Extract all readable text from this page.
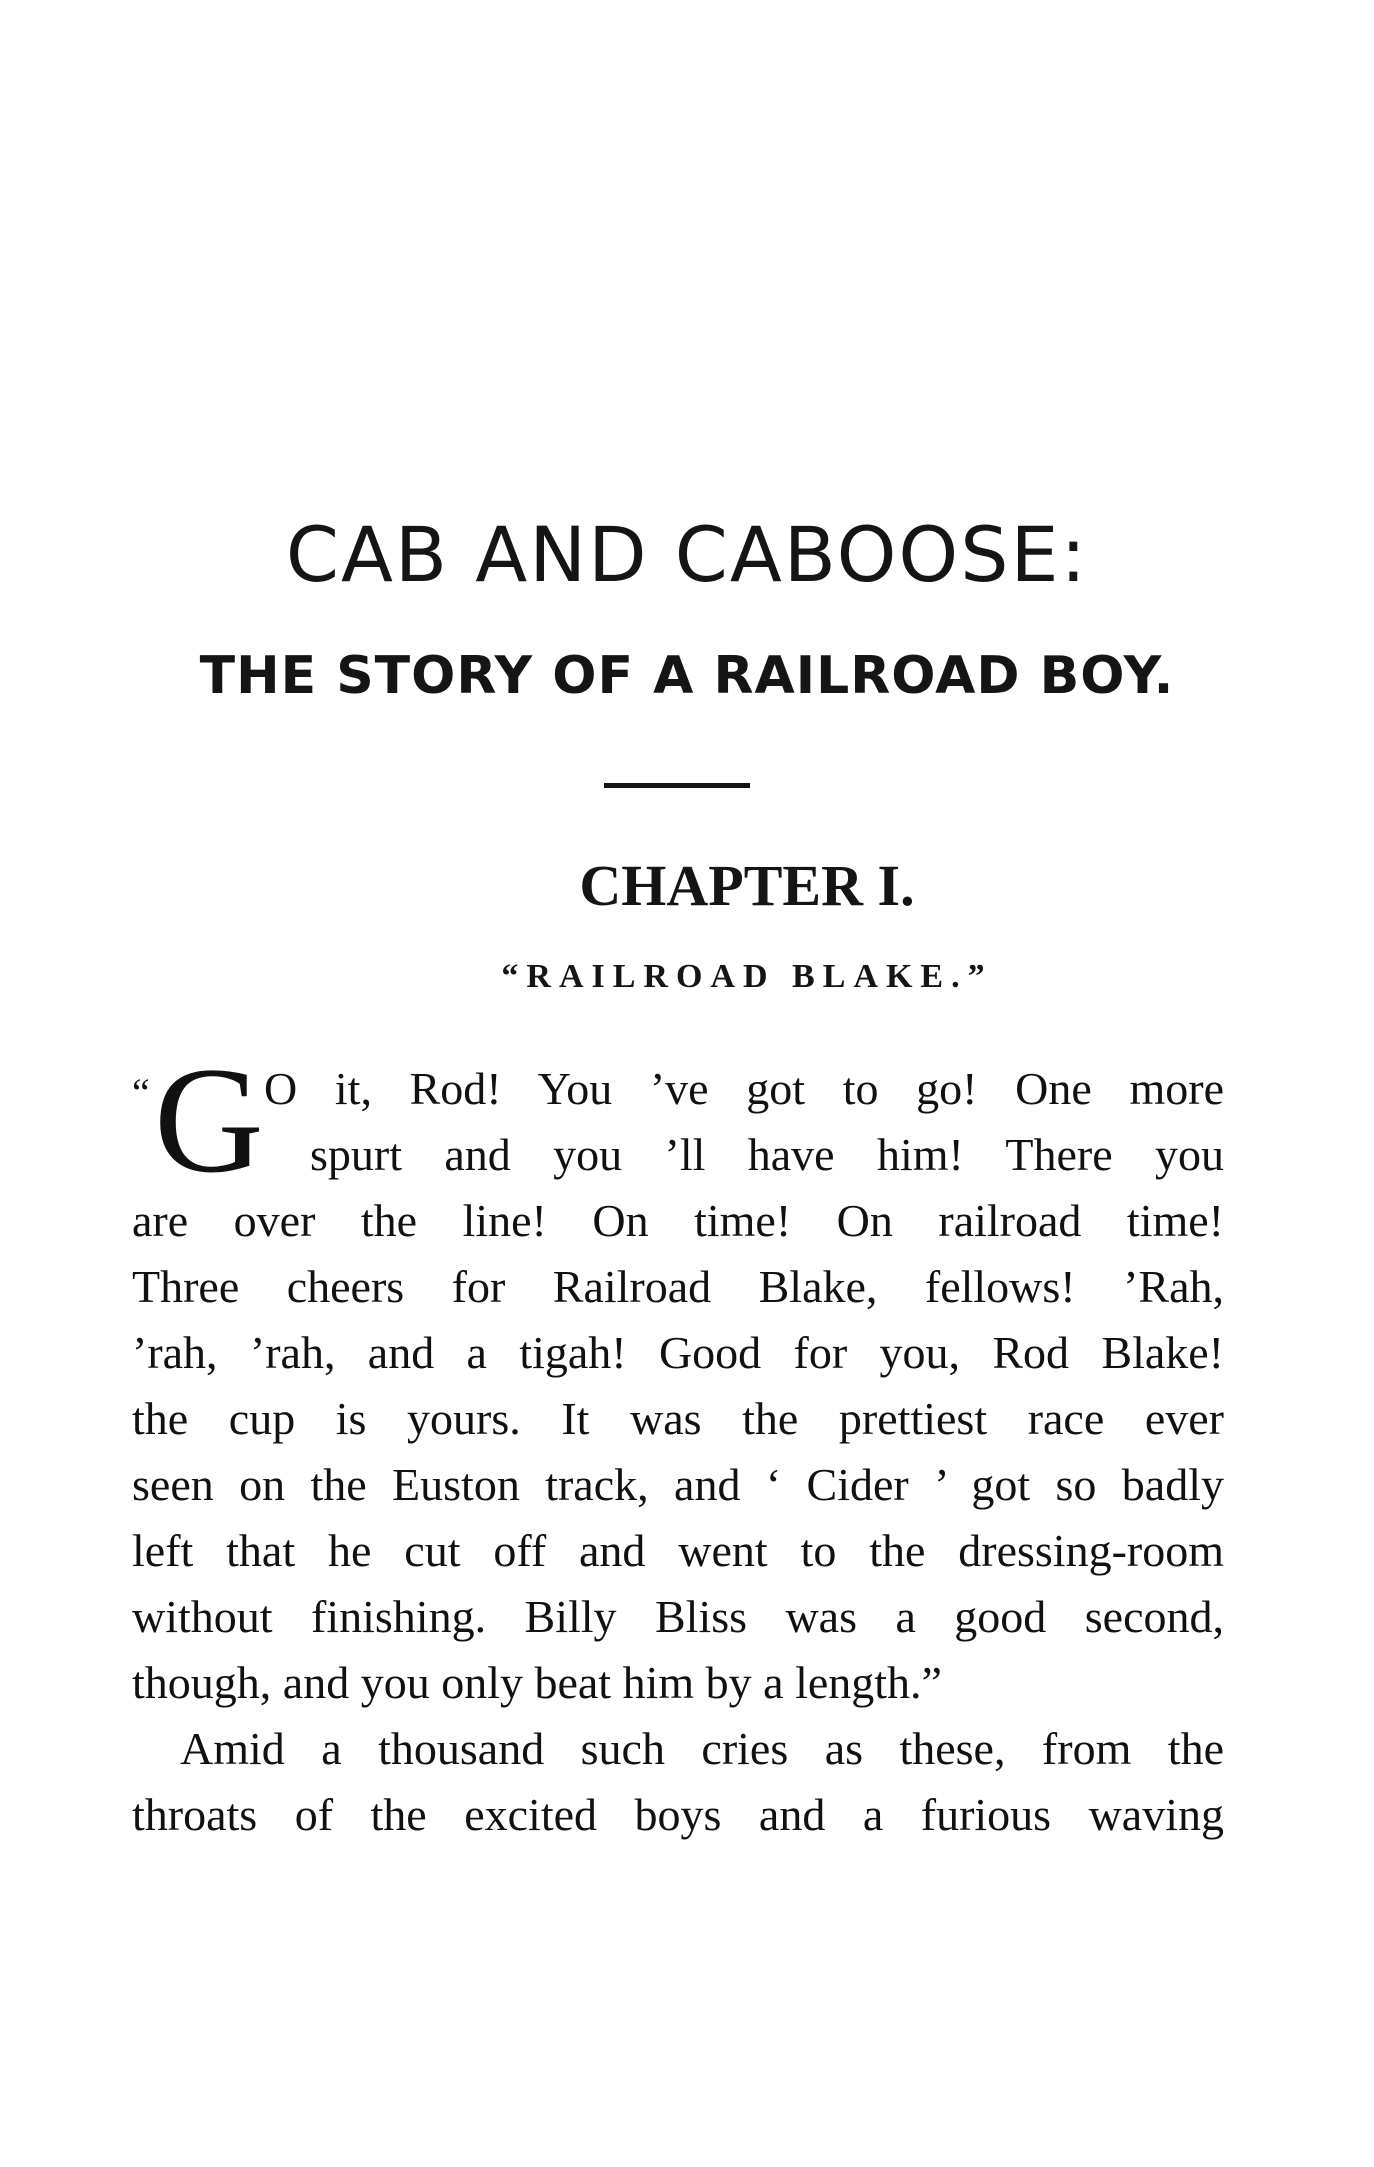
CAB AND CABOOSE:
THE STORY OF A RAILROAD BOY.
CHAPTER I.
“RAILROAD BLAKE.”
“ G O it, Rod! You ’ve got to go! One more
spurt and you ’ll have him! There you
are over the line! On time! On railroad time!
Three cheers for Railroad Blake, fellows! ’Rah,
’rah, ’rah, and a tigah! Good for you, Rod Blake!
the cup is yours. It was the prettiest race ever
seen on the Euston track, and ‘ Cider ’ got so badly
left that he cut off and went to the dressing-room
without finishing. Billy Bliss was a good second,
though, and you only beat him by a length.”
Amid a thousand such cries as these, from the
throats of the excited boys and a furious waving
